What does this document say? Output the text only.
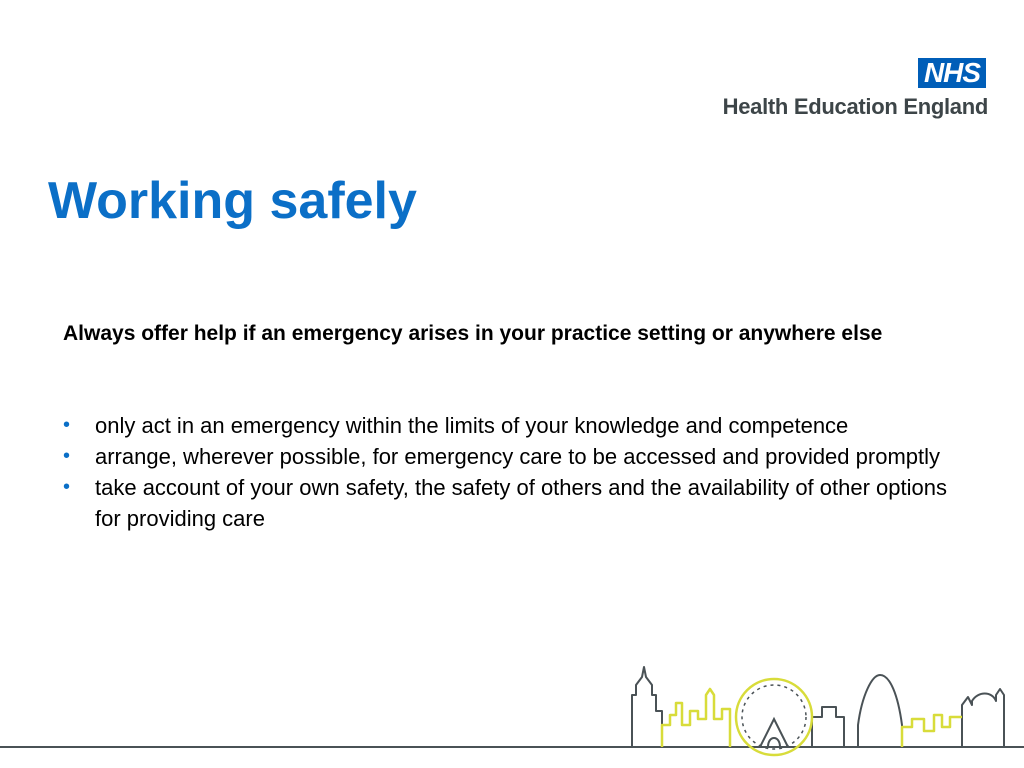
NHS
Health Education England
Working safely

Always offer help if an emergency arises in your practice setting or anywhere else

• only act in an emergency within the limits of your knowledge and competence
• arrange, wherever possible, for emergency care to be accessed and provided promptly
• take account of your own safety, the safety of others and the availability of other options for providing care
